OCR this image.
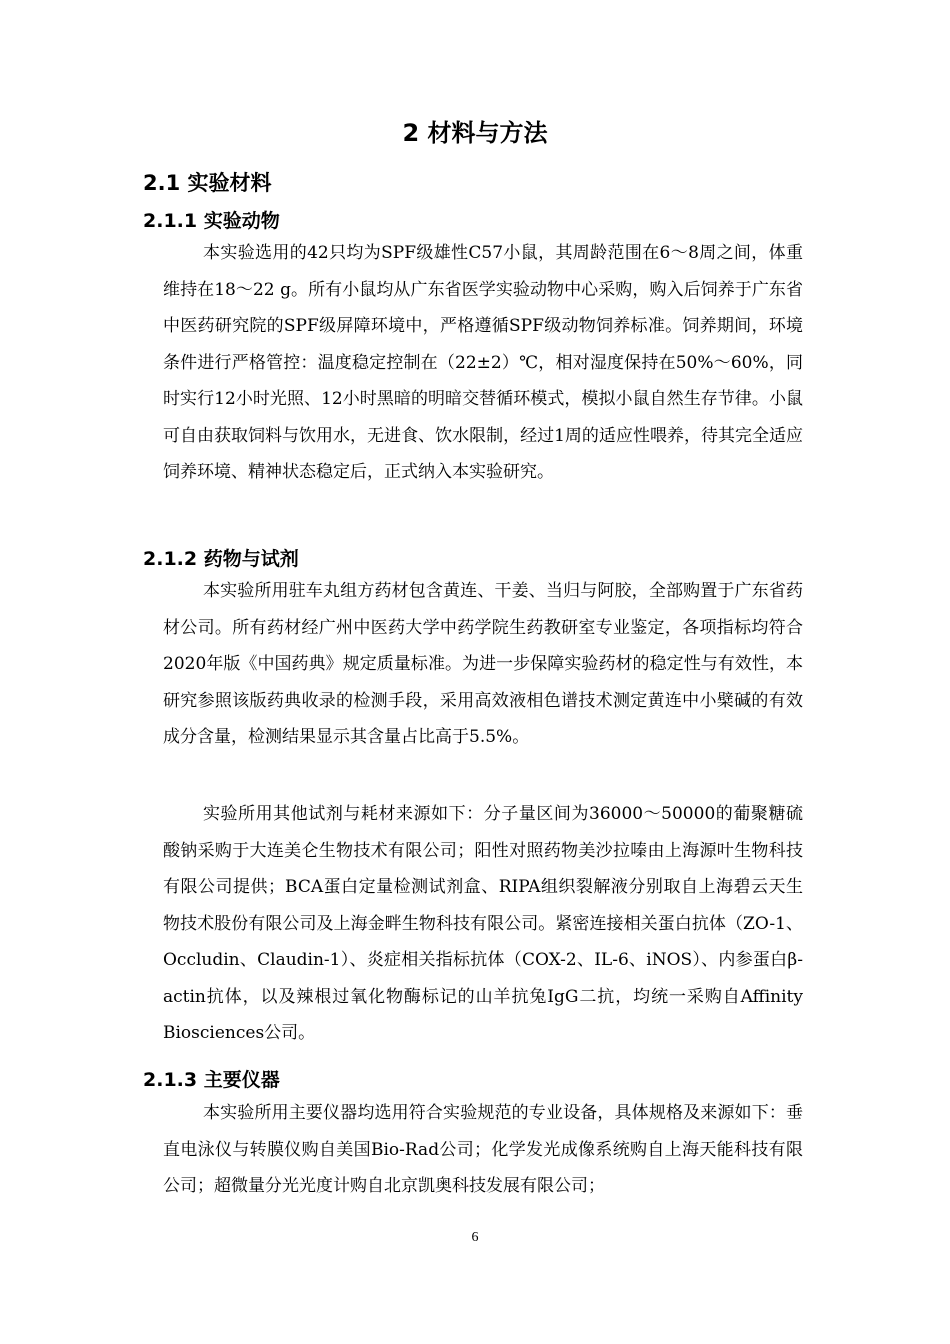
2 材料与方法
2.1 实验材料
2.1.1 实验动物

本实验选用的42只均为SPF级雄性C57小鼠，其周龄范围在6～8周之间，体重维持在18～22 g。所有小鼠均从广东省医学实验动物中心采购，购入后饲养于广东省中医药研究院的SPF级屏障环境中，严格遵循SPF级动物饲养标准。饲养期间，环境条件进行严格管控：温度稳定控制在（22±2）℃，相对湿度保持在50%～60%，同时实行12小时光照、12小时黑暗的明暗交替循环模式，模拟小鼠自然生存节律。小鼠可自由获取饲料与饮用水，无进食、饮水限制，经过1周的适应性喂养，待其完全适应饲养环境、精神状态稳定后，正式纳入本实验研究。

2.1.2 药物与试剂

本实验所用驻车丸组方药材包含黄连、干姜、当归与阿胶，全部购置于广东省药材公司。所有药材经广州中医药大学中药学院生药教研室专业鉴定，各项指标均符合2020年版《中国药典》规定质量标准。为进一步保障实验药材的稳定性与有效性，本研究参照该版药典收录的检测手段，采用高效液相色谱技术测定黄连中小檗碱的有效成分含量，检测结果显示其含量占比高于5.5%。

实验所用其他试剂与耗材来源如下：分子量区间为36000～50000的葡聚糖硫酸钠采购于大连美仑生物技术有限公司；阳性对照药物美沙拉嗪由上海源叶生物科技有限公司提供；BCA蛋白定量检测试剂盒、RIPA组织裂解液分别取自上海碧云天生物技术股份有限公司及上海金畔生物科技有限公司。紧密连接相关蛋白抗体（ZO-1、Occludin、Claudin-1）、炎症相关指标抗体（COX-2、IL-6、iNOS）、内参蛋白β-actin抗体，以及辣根过氧化物酶标记的山羊抗兔IgG二抗，均统一采购自Affinity Biosciences公司。

2.1.3 主要仪器

本实验所用主要仪器均选用符合实验规范的专业设备，具体规格及来源如下：垂直电泳仪与转膜仪购自美国Bio-Rad公司；化学发光成像系统购自上海天能科技有限公司；超微量分光光度计购自北京凯奥科技发展有限公司；

6
